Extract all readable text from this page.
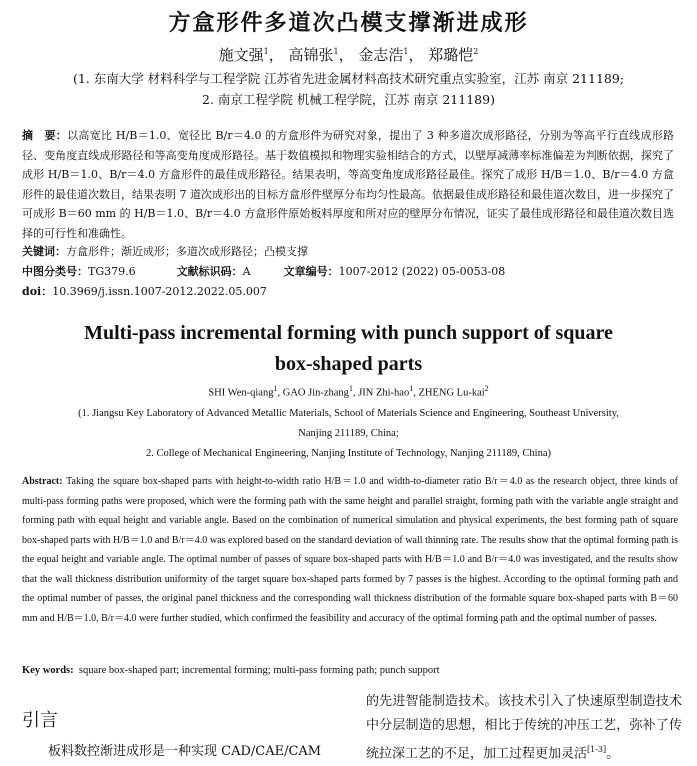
方盒形件多道次凸模支撑渐进成形
施文强$^1$， 高锦张$^1$， 金志浩$^1$， 郑璐恺$^2$
(1. 东南大学 材料科学与工程学院 江苏省先进金属材料高技术研究重点实验室，江苏 南京 211189;
2. 南京工程学院 机械工程学院，江苏 南京 211189)
摘　要：以高宽比 H/B＝1.0、宽径比 B/r＝4.0 的方盒形件为研究对象，提出了 3 种多道次成形路径，分别为等高平行直线成形路径、变角度直线成形路径和等高变角度成形路径。基于数值模拟和物理实验相结合的方式，以壁厚减薄率标准偏差为判断依据，探究了成形 H/B＝1.0、B/r＝4.0 方盒形件的最佳成形路径。结果表明，等高变角度成形路径最佳。探究了成形 H/B＝1.0、B/r＝4.0 方盒形件的最佳道次数目，结果表明 7 道次成形出的目标方盒形件壁厚分布均匀性最高。依据最佳成形路径和最佳道次数目，进一步探究了可成形 B＝60 mm 的 H/B＝1.0、B/r＝4.0 方盒形件原始板料厚度和所对应的壁厚分布情况，证实了最佳成形路径和最佳道次数目选择的可行性和准确性。
关键词：方盒形件；渐近成形；多道次成形路径；凸模支撑
中图分类号：TG379.6	文献标识码：A	文章编号：1007-2012 (2022) 05-0053-08
doi：10.3969/j.issn.1007-2012.2022.05.007
Multi-pass incremental forming with punch support of square
box-shaped parts
SHI Wen-qiang$^1$, GAO Jin-zhang$^1$, JIN Zhi-hao$^1$, ZHENG Lu-kai$^2$
(1. Jiangsu Key Laboratory of Advanced Metallic Materials, School of Materials Science and Engineering, Southeast University,
Nanjing 211189, China;
2. College of Mechanical Engineering, Nanjing Institute of Technology, Nanjing 211189, China)
Abstract: Taking the square box-shaped parts with height-to-width ratio H/B＝1.0 and width-to-diameter ratio B/r＝4.0 as the research object, three kinds of multi-pass forming paths were proposed, which were the forming path with the same height and parallel straight, forming path with the variable angle straight and forming path with equal height and variable angle. Based on the combination of numerical simulation and physical experiments, the best forming path of square box-shaped parts with H/B＝1.0 and B/r＝4.0 was explored based on the standard deviation of wall thinning rate. The results show that the optimal forming path is the equal height and variable angle. The optimal number of passes of square box-shaped parts with H/B＝1.0 and B/r＝4.0 was investigated, and the results show that the wall thickness distribution uniformity of the target square box-shaped parts formed by 7 passes is the highest. According to the optimal forming path and the optimal number of passes, the original panel thickness and the corresponding wall thickness distribution of the formable square box-shaped parts with B＝60 mm and H/B＝1.0, B/r＝4.0 were further studied, which confirmed the feasibility and accuracy of the optimal forming path and the optimal number of passes.
Key words: square box-shaped part; incremental forming; multi-pass forming path; punch support
引言
板料数控渐进成形是一种实现 CAD/CAE/CAM
的先进智能制造技术。该技术引入了快速原型制造技术中分层制造的思想，相比于传统的冲压工艺，弥补了传统拉深工艺的不足，加工过程更加灵活[1-3]。
